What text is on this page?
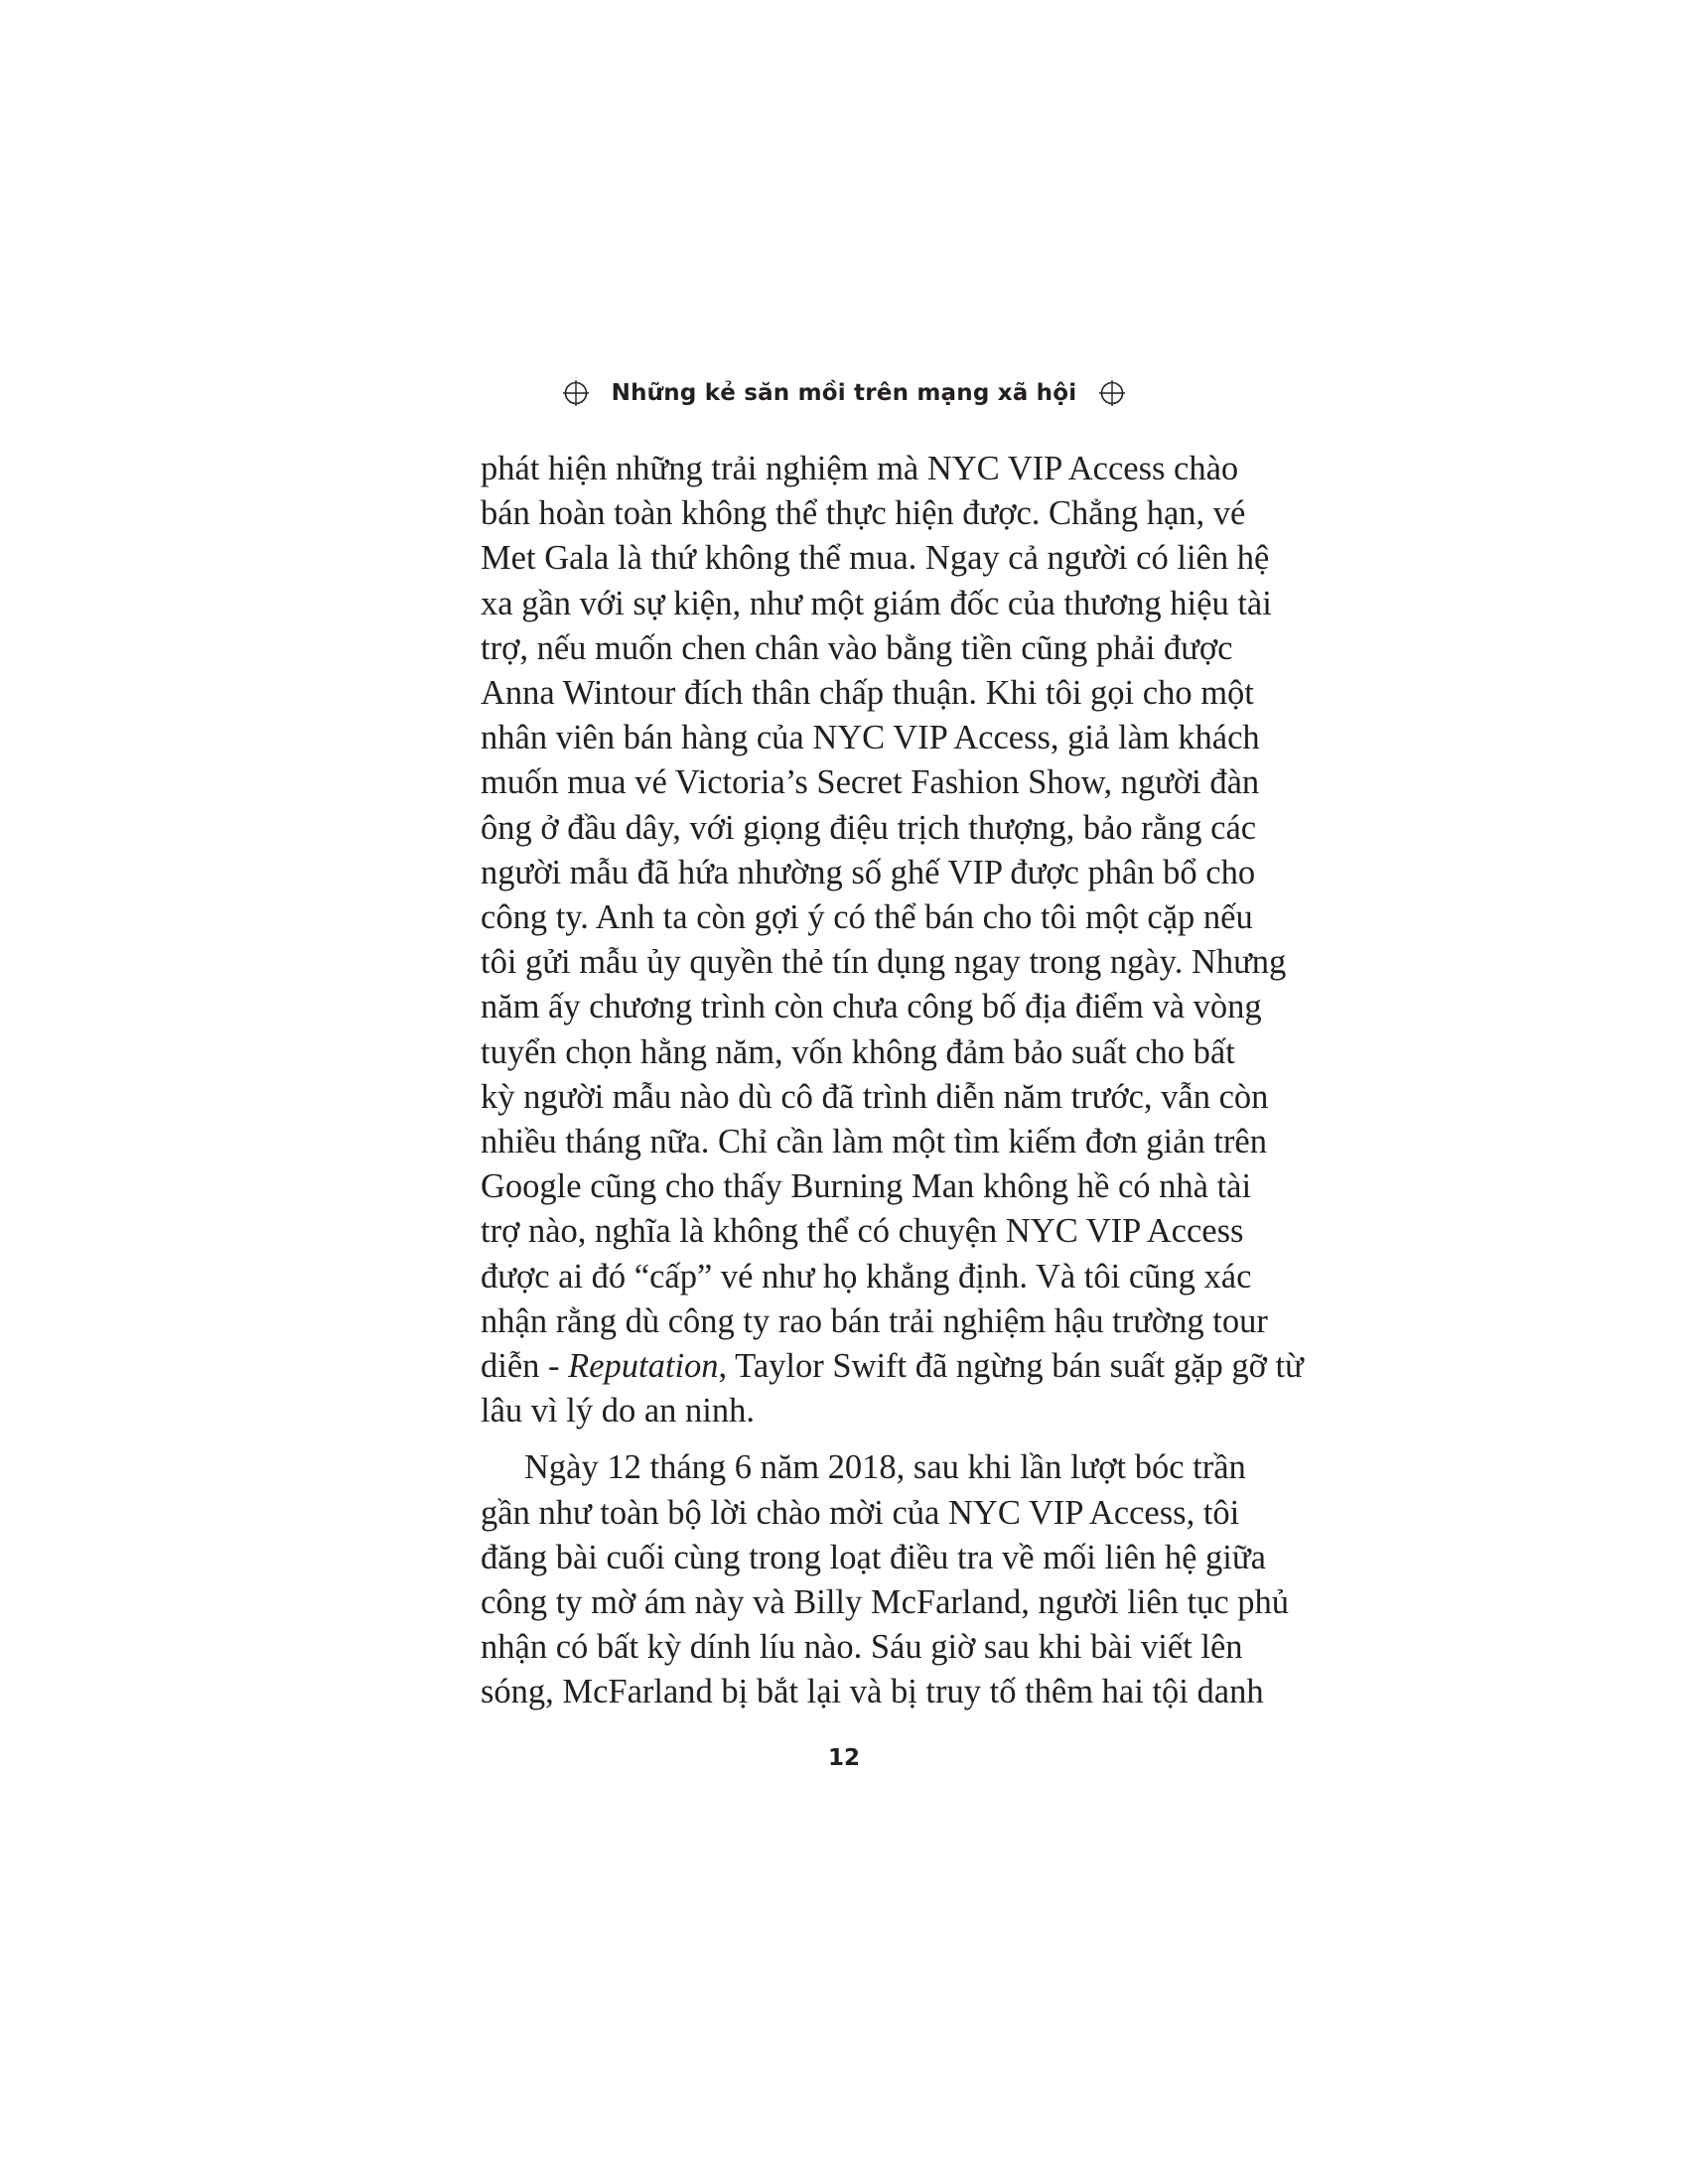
Những kẻ săn mồi trên mạng xã hội
phát hiện những trải nghiệm mà NYC VIP Access chào
bán hoàn toàn không thể thực hiện được. Chẳng hạn, vé
Met Gala là thứ không thể mua. Ngay cả người có liên hệ
xa gần với sự kiện, như một giám đốc của thương hiệu tài
trợ, nếu muốn chen chân vào bằng tiền cũng phải được
Anna Wintour đích thân chấp thuận. Khi tôi gọi cho một
nhân viên bán hàng của NYC VIP Access, giả làm khách
muốn mua vé Victoria’s Secret Fashion Show, người đàn
ông ở đầu dây, với giọng điệu trịch thượng, bảo rằng các
người mẫu đã hứa nhường số ghế VIP được phân bổ cho
công ty. Anh ta còn gợi ý có thể bán cho tôi một cặp nếu
tôi gửi mẫu ủy quyền thẻ tín dụng ngay trong ngày. Nhưng
năm ấy chương trình còn chưa công bố địa điểm và vòng
tuyển chọn hằng năm, vốn không đảm bảo suất cho bất
kỳ người mẫu nào dù cô đã trình diễn năm trước, vẫn còn
nhiều tháng nữa. Chỉ cần làm một tìm kiếm đơn giản trên
Google cũng cho thấy Burning Man không hề có nhà tài
trợ nào, nghĩa là không thể có chuyện NYC VIP Access
được ai đó “cấp” vé như họ khẳng định. Và tôi cũng xác
nhận rằng dù công ty rao bán trải nghiệm hậu trường tour
diễn - Reputation, Taylor Swift đã ngừng bán suất gặp gỡ từ
lâu vì lý do an ninh.
Ngày 12 tháng 6 năm 2018, sau khi lần lượt bóc trần
gần như toàn bộ lời chào mời của NYC VIP Access, tôi
đăng bài cuối cùng trong loạt điều tra về mối liên hệ giữa
công ty mờ ám này và Billy McFarland, người liên tục phủ
nhận có bất kỳ dính líu nào. Sáu giờ sau khi bài viết lên
sóng, McFarland bị bắt lại và bị truy tố thêm hai tội danh
12
